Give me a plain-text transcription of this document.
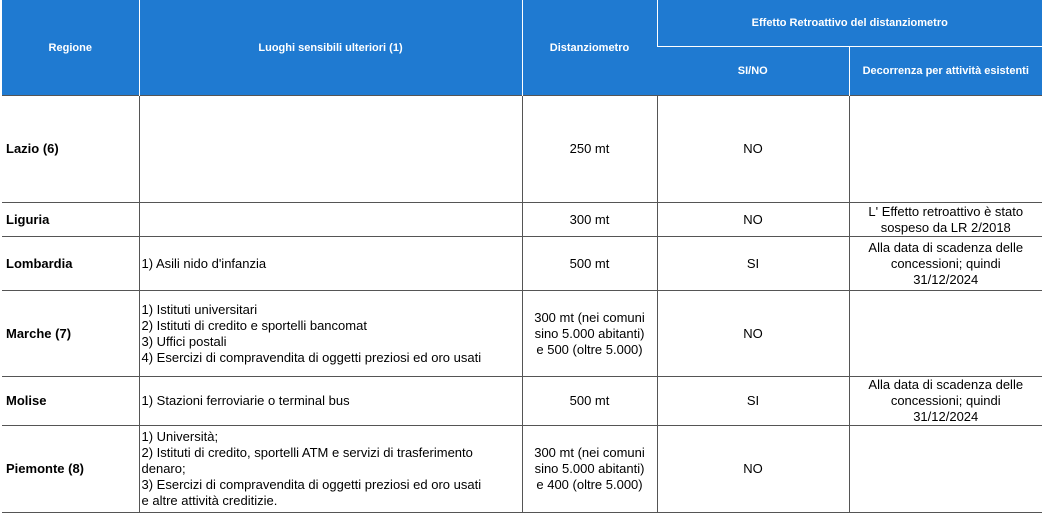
Regione	Luoghi sensibili ulteriori (1)	Distanziometro	Effetto Retroattivo del distanziometro	
			SI/NO	Decorrenza per attività esistenti
Lazio (6)		250 mt	NO	
Liguria		300 mt	NO	L' Effetto retroattivo è stato
sospeso da LR 2/2018

Lombardia	1) Asili nido d'infanzia	500 mt	SI	Alla data di scadenza delle
concessioni; quindi
31/12/2024

Marche (7)	1) Istituti universitari
2) Istituti di credito e sportelli bancomat
3) Uffici postali
4) Esercizi di compravendita di oggetti preziosi ed oro usati	300 mt (nei comuni
sino 5.000 abitanti)
e 500 (oltre 5.000)	NO	
Molise	1) Stazioni ferroviarie o terminal bus	500 mt	SI	Alla data di scadenza delle
concessioni; quindi
31/12/2024

Piemonte (8)	1) Università;
2) Istituti di credito, sportelli ATM e servizi di trasferimento
denaro;
3) Esercizi di compravendita di oggetti preziosi ed oro usati
e altre attività creditizie.	300 mt (nei comuni
sino 5.000 abitanti)
e 400 (oltre 5.000)	NO	
